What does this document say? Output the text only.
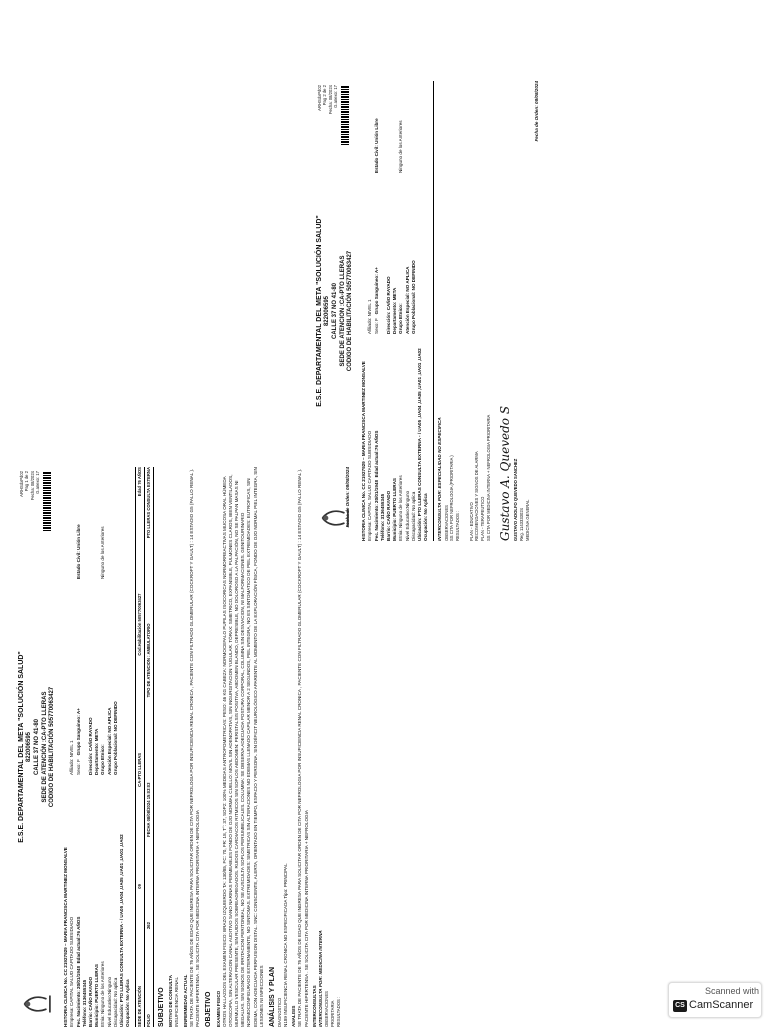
ARHSdxPd02 Pag 1 de 2 Fecha: 08/2024 G.anexo: 17
E.S.E. DEPARTAMENTAL DEL META "SOLUCIÓN SALUD" 822006595 CALLE 37 NO 41-80 SEDE DE ATENCIÓN :CA-PTO LLERAS CODIGO DE HABILITACIÓN 505770063427
HISTORIA CLINICA No. CC 21927929 – MARIA FRANCISCA MARTINEZ MONSALVE Empresa: CAPITAL SALUD CAPITADO SUBSIDIADO
Afiliado: NIVEL 1
Fec. Nacimiento: 20/01/1948  Edad actual:76 AÑOS
Sexo: F   Grupo Sanguineo: A+
Estado Civil: Unión Libre
Teléfono: 3136455345 Barrio: CAÑO RAYADO
Dirección: CAÑO RAYADO
Municipio: PUERTO LLERAS
Departamento: META
Etnia: Ninguno de los Anteriores
Grupo Etnico:
Ninguno de los Anteriores
Nivel Educativo:Ninguno
Atención Especial: NO APLICA
Discapacidad: No aplica
Grupo Poblacional: NO DEFINIDO
Ubicación: PTO LLERAS CONSULTA EXTERNA - / UA05 ,UA04 ,UA05 ,UA01 ,UA01 ,UA02 Ocupación: No Aplica SEDE DE ATENCIÓN
09
CA-PTO LLERAS
Cod.Habilitación 505770063427
Edad 76 AÑOS
FOLIO
262
FECHA 08/08/2024 15:03:03
TIPO DE ATENCION : AMBULATORIO
PTO LLERAS CONSULTA EXTERNA
SUBJETIVO MOTIVO DE CONSULTA INSUFICIENCIA RENAL ENFERMEDAD ACTUAL SE TRATA DE PACIENTE DE 76 AÑOS DE EDAD QUE INGRESA PARA SOLICITAR ORDEN DE CITA POR NEFROLOGIA POR INSUFICIENCIA RENAL CRONICA , PACIENTE CON FILTRADO GLOMERULAR (COCKROFT Y GAULT) : 14 ESTADIO G5 (FALLO RENAL ). PACIENTE HIPERTENSA . SE SOLICITA CITA POR MEDICINA INTERNA PRIORITARIA + NEFROLOGIA OBJETIVO EXAMEN FISICO OTROS HALLAZGOS DEL EXAMEN FISICO: BRAZO IZQUIERDO TA: 130/85, FC: 70, FR: 18, T°: 37, SOP2: 100% MEDIDAS ANTROPOMETRICAS: PESO: 46 KG CABEZA: NORMOCEFALO PUPILAS ISOCORICAS NORMORREACTIVAS MUCOSA ORAL HÚMEDA OTOSCOPIA, SIN ALTERACION CANAL AUDITIVO SANO NARINAS PERMEABLES FONDO DE OJO NORMAL CUELLO: MOVIL SIN ADENOPATIAS, SIN INGURGITACION YUGULAR. TÓRAX: SIMETRICO, EXPANSIBLE, PULMONES CLAROS, BIEN VENTILADOS, MURMULLO VESICULAR PRESENTE, SIN RUIDOS SOBREAGREGADOS. RUIDOS CARDIACOS RITMICOS SIN SOPLOS ABDOMEN: PERISTALSIS POSITIVA, ABDOMEN BLANDO, DEPRESIBLE, NO DOLOROSO A LA PALPACIÓN, NO SE PALPAN MASAS NI MEGALIAS. SIN SIGNOS DE IRRITACION PERITONEAL, NO SE AUSCULTA SOPLOS PERIUMBILICALES. COLUMNA: SE OBSERVA ADECUADA POSTURA CORPORAL, COLUMNA SIN DESVIACION, NI MALFORMACIONES. GENITOURINARIO NORMOCONFIGURADO EXTERNAMENTE, NO SINTOMAS. EXTREMIDADES: SIMETRICAS SIN ALTERACIONES NO EDEMAS LLENADO CAPILAR MENOR A 2 SEGUNDOS, PIEL INTEGRA, NO ES SINTOMATICO DE PIEL EXTREMIDADES: EUTROFICAS, SIN EDEMA, CON ADECUADA PERFUSION DISTAL. SNC: CONSCIENTE, ALERTA, ORIENTADO EN TIEMPO, ESPACIO Y PERSONA. SIN DÉFICIT NEUROLÓGICO APARENTE AL MOMENTO DE LA EXPLORACIÓN FÍSICA, FONDO DE OJO NORMAL PIEL INTEGRA, SIN LESIONES NI INFECCIONES ANÁLISIS Y PLAN DIAGNOSTICO N189 INSUFICIENCIA RENAL CRONICA NO ESPECIFICADA Tipo: PRINCIPAL ANALISIS SE TRATA DE PACIENTE DE 76 AÑOS DE EDAD QUE INGRESA PARA SOLICITAR ORDEN DE CITA POR NEFROLOGIA POR INSUFICIENCIA RENAL CRONICA , PACIENTE CON FILTRADO GLOMERULAR (COCKROFT Y GAULT) : 14 ESTADIO G5 (FALLO RENAL ). PACIENTE HIPERTENSA . SE SOLICITA CITA POR MEDICINA INTERNA PRIORITARIA + NEFROLOGIA INTERCONSULTAS INTERCONSULTA POR: MEDICINA INTERNA OBSERVACIONES PRIORITARIA RESULTADOS :
Fecha de Orden: 08/08/2024
ARHSdxPd02 Pag 2 de 2 Fecha: 08/2024 G.anexo: 17
E.S.E. DEPARTAMENTAL DEL META "SOLUCIÓN SALUD" 822006595 CALLE 37 NO 41-80 SEDE DE ATENCION :CA-PTO LLERAS CODIGO DE HABILITACIÓN 505770063427
HISTORIA CLINICA No. CC 21927929 – MARIA FRANCISCA MARTINEZ MONSALVE Empresa: CAPITAL SALUD CAPITADO SUBSIDIADO
Afiliado: NIVEL 1
Fec. Nacimiento: 20/01/1948  Edad actual:76 AÑOS
Sexo: F   Grupo Sanguineo: A+
Estado Civil: Unión Libre
Teléfono: 3136455345 Barrio: CAÑO RAYADO
Dirección: CAÑO RAYADO
Municipio: PUERTO LLERAS
Departamento: META
Etnia: Ninguno de los Anteriores
Grupo Etnico:
Ninguno de los Anteriores
Nivel Educativo:Ninguno
Atención Especial: NO APLICA
Discapacidad: No aplica
Grupo Poblacional: NO DEFINIDO
Ubicación: PTO LLERAS CONSULTA EXTERNA - / UA05 ,UA04 ,UA05 ,UA01 ,UA01 ,UA02 Ocupación: No Aplica INTERCONSULTA POR: ESPECIALIDAD NO ESPECIFICA OBSERVACIONES SS CITA POR NEFROLOGIA (PRIORITARIA ) RESULTADOS : PLAN - EDUCATIVO RECOMENDACIONES Y SIGNOS DE ALARMA PLAN - TERAPEUTICO SS CITA POR MEDICINA INTERNA + NEFROLOGIA PRIORITARIA Gustavo A. Quevedo S GUSTAVO ADOLFO QUEVEDO SANCHEZ Reg. 1143333024 MEDICINA GENERAL
Fecha de Orden: 08/08/2024
Scanned with
CS CamScanner
